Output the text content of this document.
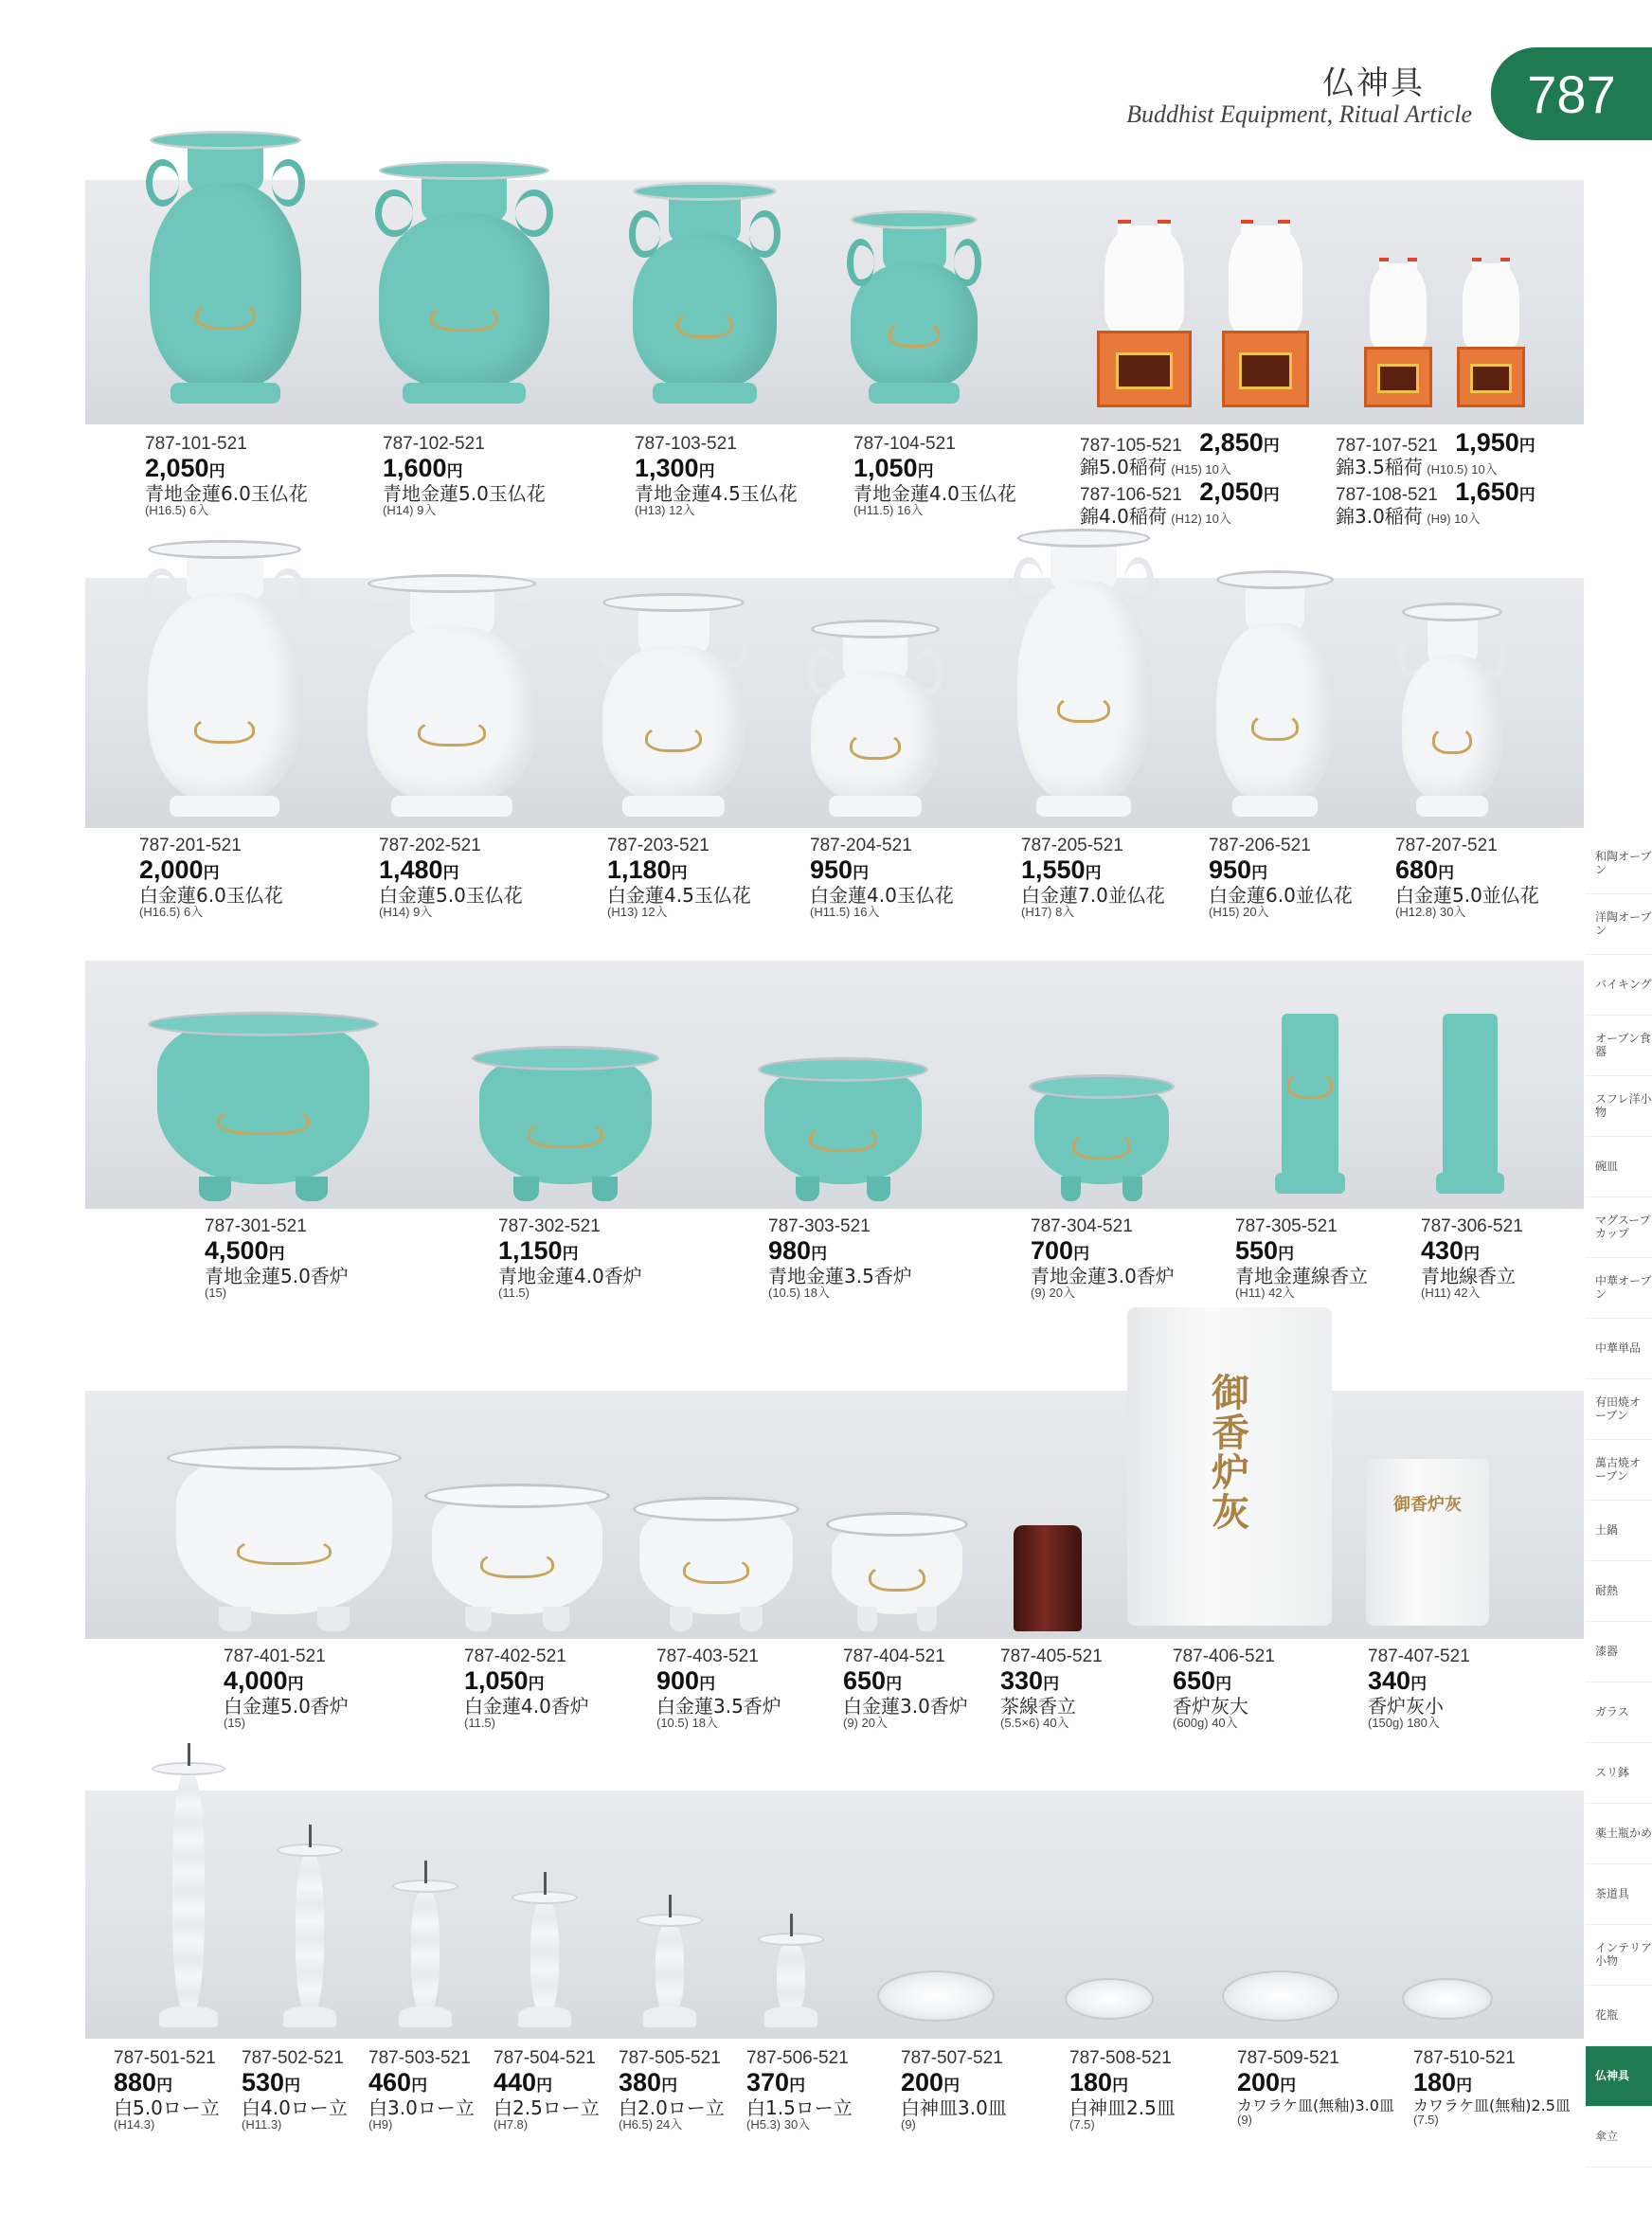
仏神具
Buddhist Equipment, Ritual Article	787
787-101-521
2,050円
青地金蓮6.0玉仏花
(H16.5) 6入
787-102-521
1,600円
青地金蓮5.0玉仏花
(H14) 9入
787-103-521
1,300円
青地金蓮4.5玉仏花
(H13) 12入
787-104-521
1,050円
青地金蓮4.0玉仏花
(H11.5) 16入
787-105-521 2,850円
錦5.0稲荷 (H15) 10入
787-106-521 2,050円
錦4.0稲荷 (H12) 10入
787-107-521 1,950円
錦3.5稲荷 (H10.5) 10入
787-108-521 1,650円
錦3.0稲荷 (H9) 10入
787-201-521
2,000円
白金蓮6.0玉仏花
(H16.5) 6入
787-202-521
1,480円
白金蓮5.0玉仏花
(H14) 9入
787-203-521
1,180円
白金蓮4.5玉仏花
(H13) 12入
787-204-521
950円
白金蓮4.0玉仏花
(H11.5) 16入
787-205-521
1,550円
白金蓮7.0並仏花
(H17) 8入
787-206-521
950円
白金蓮6.0並仏花
(H15) 20入
787-207-521
680円
白金蓮5.0並仏花
(H12.8) 30入
787-301-521
4,500円
青地金蓮5.0香炉
(15)
787-302-521
1,150円
青地金蓮4.0香炉
(11.5)
787-303-521
980円
青地金蓮3.5香炉
(10.5) 18入
787-304-521
700円
青地金蓮3.0香炉
(9) 20入
787-305-521
550円
青地金蓮線香立
(H11) 42入
787-306-521
430円
青地線香立
(H11) 42入
御香炉灰	御香炉灰
787-401-521
4,000円
白金蓮5.0香炉
(15)
787-402-521
1,050円
白金蓮4.0香炉
(11.5)
787-403-521
900円
白金蓮3.5香炉
(10.5) 18入
787-404-521
650円
白金蓮3.0香炉
(9) 20入
787-405-521
330円
茶線香立
(5.5×6) 40入
787-406-521
650円
香炉灰大
(600g) 40入
787-407-521
340円
香炉灰小
(150g) 180入
787-501-521
880円
白5.0ロー立
(H14.3)
787-502-521
530円
白4.0ロー立
(H11.3)
787-503-521
460円
白3.0ロー立
(H9)
787-504-521
440円
白2.5ロー立
(H7.8)
787-505-521
380円
白2.0ロー立
(H6.5) 24入
787-506-521
370円
白1.5ロー立
(H5.3) 30入
787-507-521
200円
白神皿3.0皿
(9)
787-508-521
180円
白神皿2.5皿
(7.5)
787-509-521
200円
カワラケ皿(無釉)3.0皿
(9)
787-510-521
180円
カワラケ皿(無釉)2.5皿
(7.5)
和陶オーブン
洋陶オーブン
バイキング
オーブン食器
スフレ洋小物
碗皿
マグスープカップ
中華オーブン
中華単品
有田焼オーブン
萬古焼オーブン
土鍋
耐熱
漆器
ガラス
スリ鉢
薬土瓶かめ
茶道具
インテリア小物
花瓶
仏神具
傘立
